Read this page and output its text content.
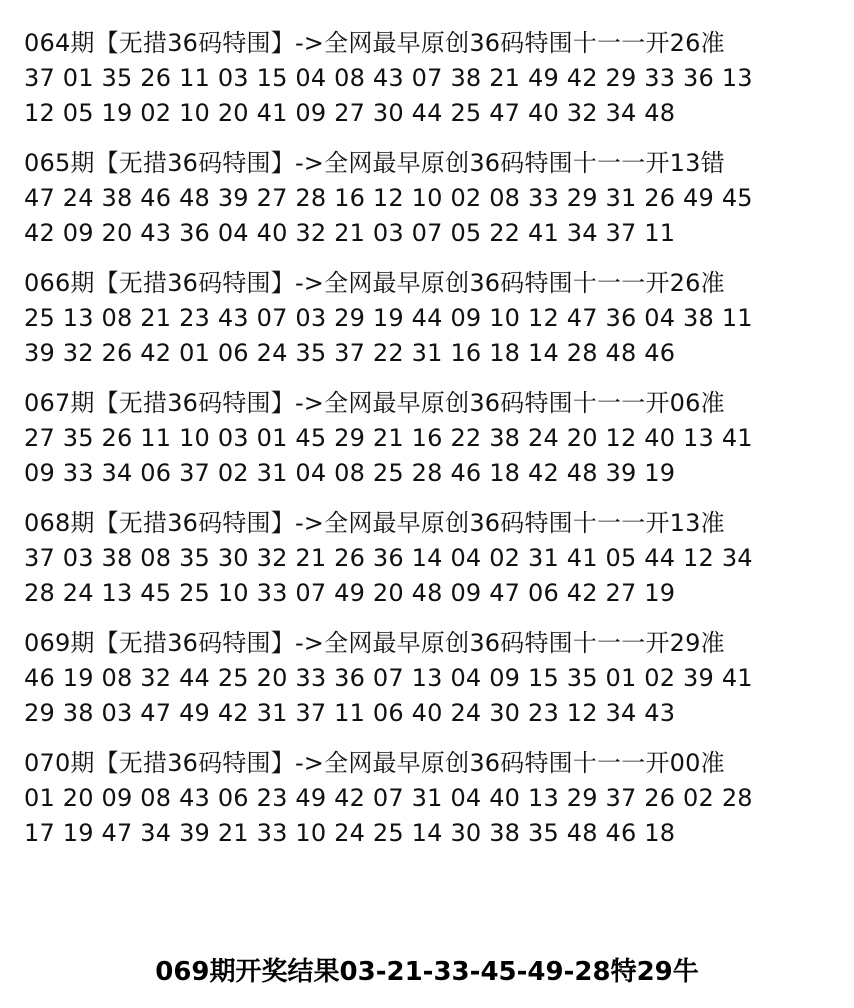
064期【无措36码特围】->全网最早原创36码特围十一一开26准
37 01 35 26 11 03 15 04 08 43 07 38 21 49 42 29 33 36 13
12 05 19 02 10 20 41 09 27 30 44 25 47 40 32 34 48
065期【无措36码特围】->全网最早原创36码特围十一一开13错
47 24 38 46 48 39 27 28 16 12 10 02 08 33 29 31 26 49 45
42 09 20 43 36 04 40 32 21 03 07 05 22 41 34 37 11
066期【无措36码特围】->全网最早原创36码特围十一一开26准
25 13 08 21 23 43 07 03 29 19 44 09 10 12 47 36 04 38 11
39 32 26 42 01 06 24 35 37 22 31 16 18 14 28 48 46
067期【无措36码特围】->全网最早原创36码特围十一一开06准
27 35 26 11 10 03 01 45 29 21 16 22 38 24 20 12 40 13 41
09 33 34 06 37 02 31 04 08 25 28 46 18 42 48 39 19
068期【无措36码特围】->全网最早原创36码特围十一一开13准
37 03 38 08 35 30 32 21 26 36 14 04 02 31 41 05 44 12 34
28 24 13 45 25 10 33 07 49 20 48 09 47 06 42 27 19
069期【无措36码特围】->全网最早原创36码特围十一一开29准
46 19 08 32 44 25 20 33 36 07 13 04 09 15 35 01 02 39 41
29 38 03 47 49 42 31 37 11 06 40 24 30 23 12 34 43
070期【无措36码特围】->全网最早原创36码特围十一一开00准
01 20 09 08 43 06 23 49 42 07 31 04 40 13 29 37 26 02 28
17 19 47 34 39 21 33 10 24 25 14 30 38 35 48 46 18
069期开奖结果03-21-33-45-49-28特29牛
